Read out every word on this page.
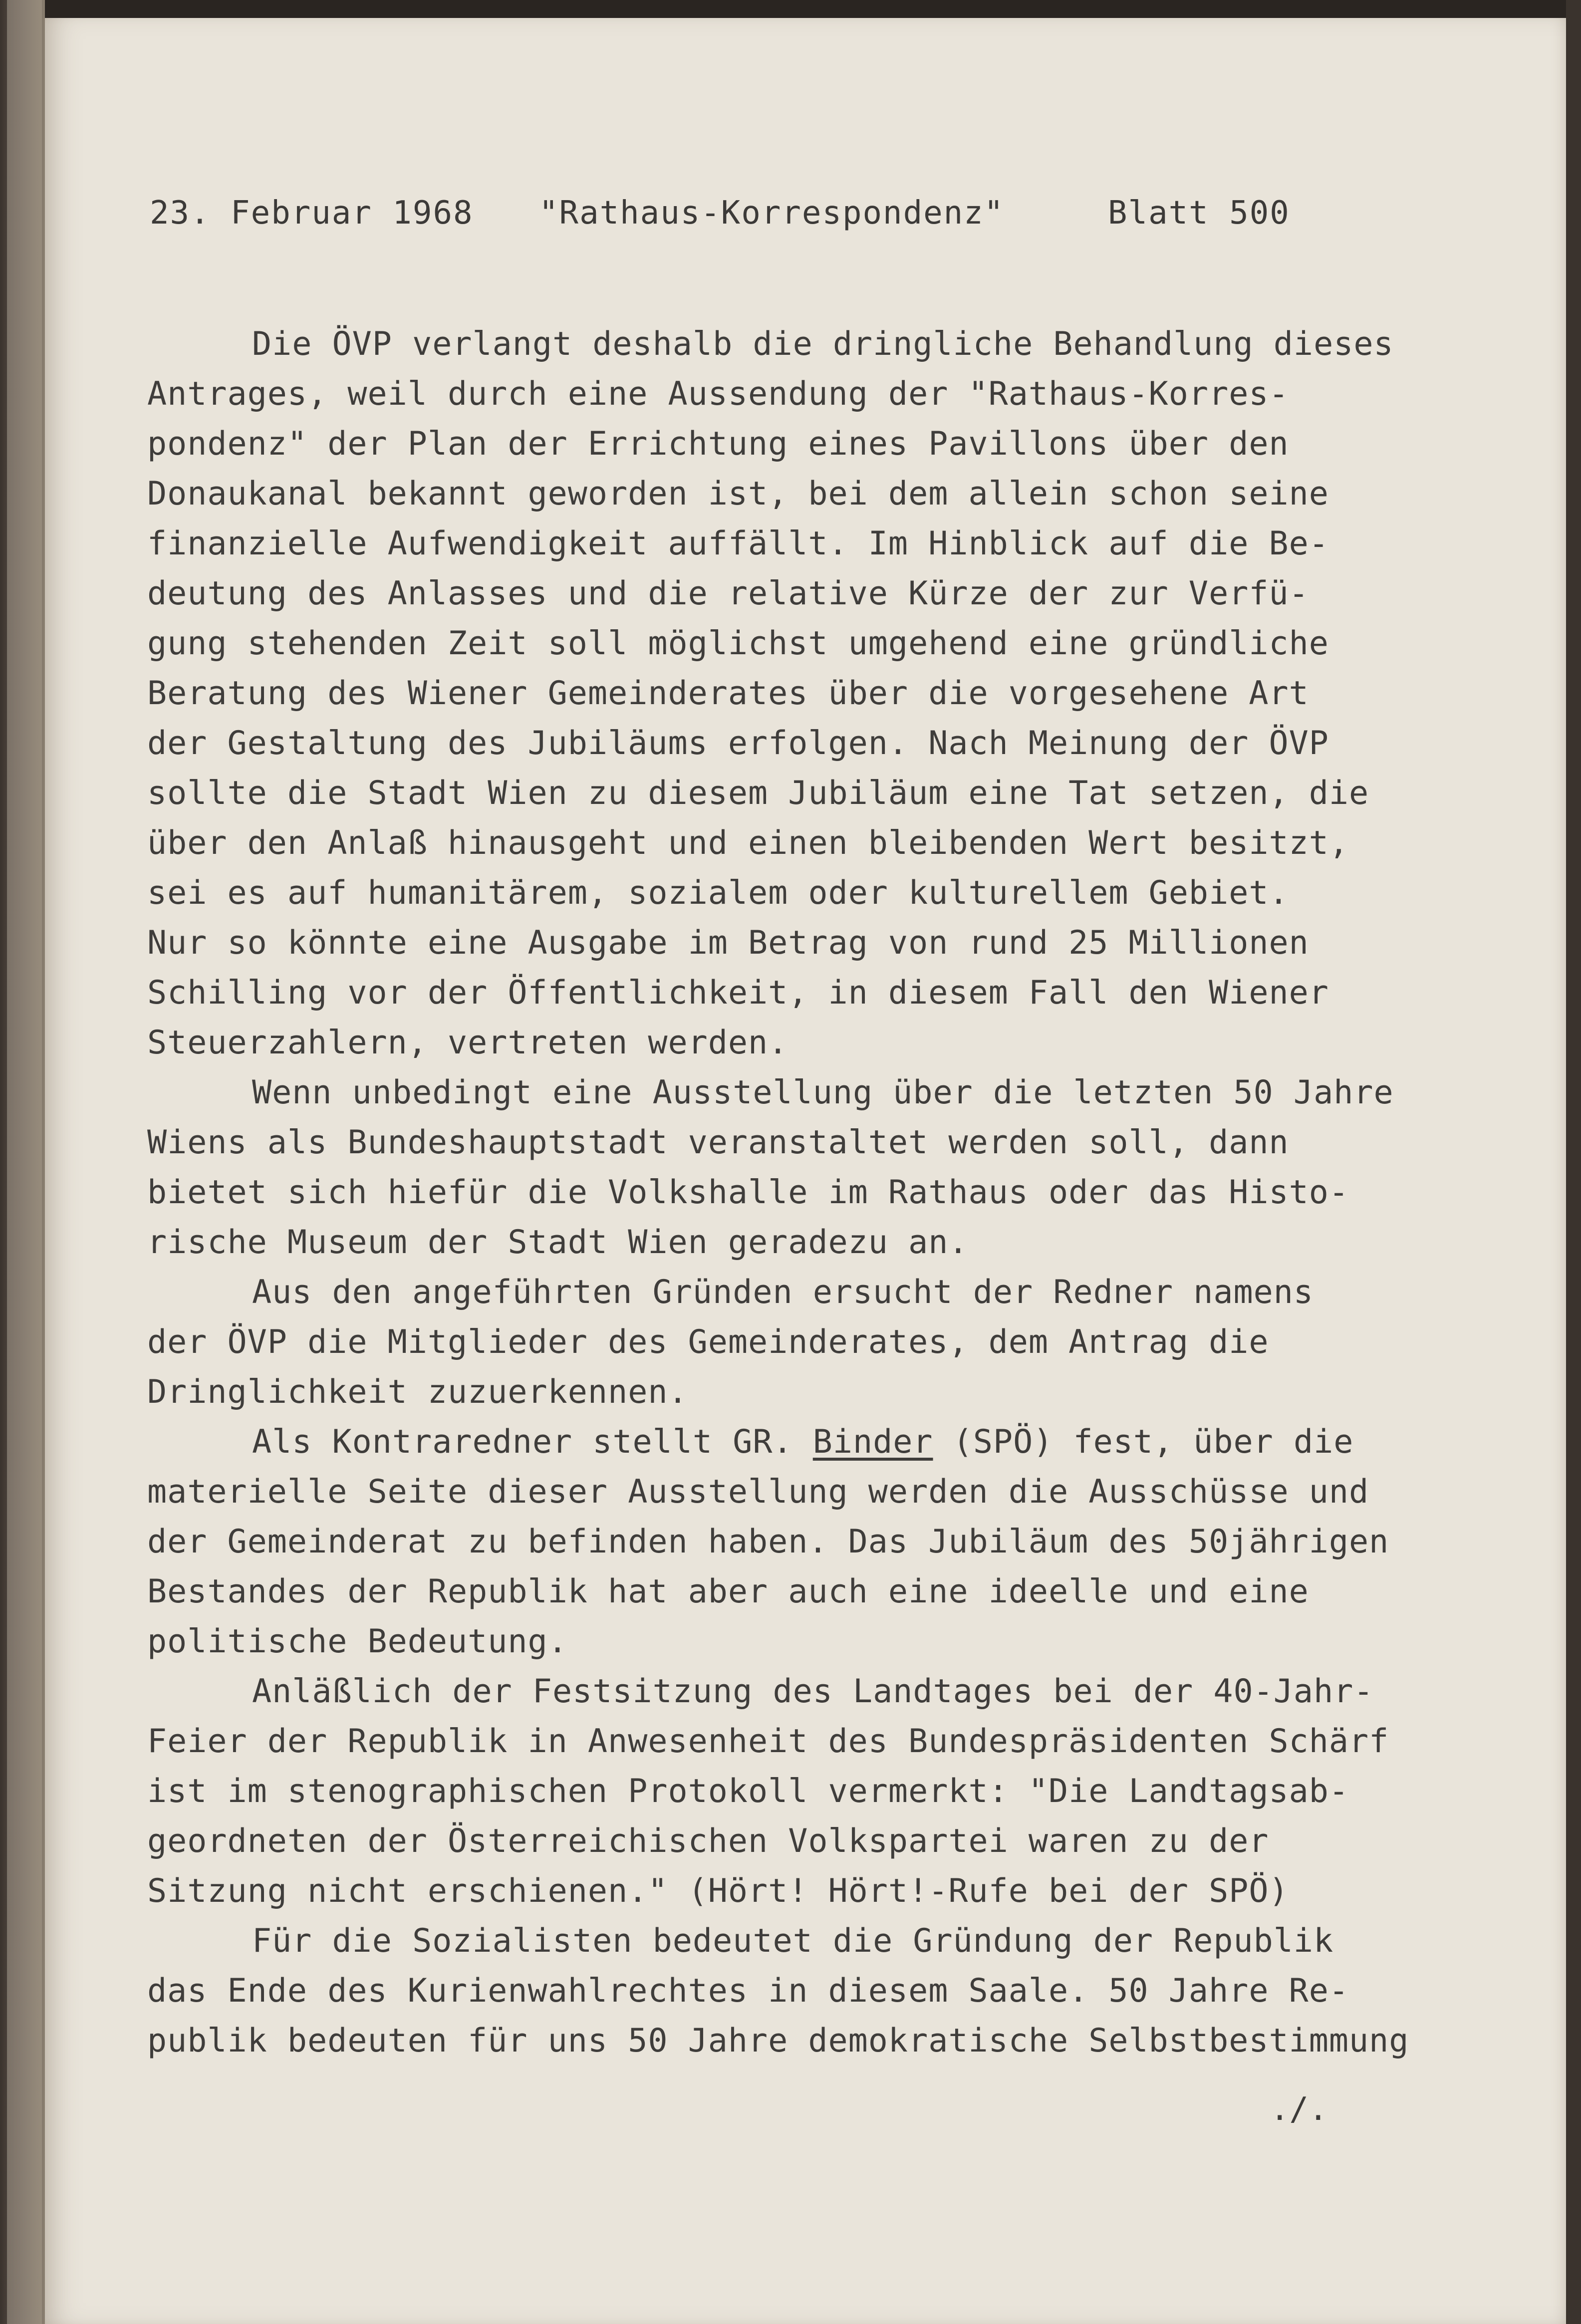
23. Februar 1968 "Rathaus-Korrespondenz"	Blatt 500
Die ÖVP verlangt deshalb die dringliche Behandlung dieses
Antrages, weil durch eine Aussendung der "Rathaus-Korres-
pondenz" der Plan der Errichtung eines Pavillons über den
Donaukanal bekannt geworden ist, bei dem allein schon seine
finanzielle Aufwendigkeit auffällt. Im Hinblick auf die Be-
deutung des Anlasses und die relative Kürze der zur Verfü-
gung stehenden Zeit soll möglichst umgehend eine gründliche
Beratung des Wiener Gemeinderates über die vorgesehene Art
der Gestaltung des Jubiläums erfolgen. Nach Meinung der ÖVP
sollte die Stadt Wien zu diesem Jubiläum eine Tat setzen, die
über den Anlaß hinausgeht und einen bleibenden Wert besitzt,
sei es auf humanitärem, sozialem oder kulturellem Gebiet.
Nur so könnte eine Ausgabe im Betrag von rund 25 Millionen
Schilling vor der Öffentlichkeit, in diesem Fall den Wiener
Steuerzahlern, vertreten werden.
Wenn unbedingt eine Ausstellung über die letzten 50 Jahre
Wiens als Bundeshauptstadt veranstaltet werden soll, dann
bietet sich hiefür die Volkshalle im Rathaus oder das Histo-
rische Museum der Stadt Wien geradezu an.
Aus den angeführten Gründen ersucht der Redner namens
der ÖVP die Mitglieder des Gemeinderates, dem Antrag die
Dringlichkeit zuzuerkennen.
Als Kontraredner stellt GR. Binder (SPÖ) fest, über die
materielle Seite dieser Ausstellung werden die Ausschüsse und
der Gemeinderat zu befinden haben. Das Jubiläum des 50jährigen
Bestandes der Republik hat aber auch eine ideelle und eine
politische Bedeutung.
Anläßlich der Festsitzung des Landtages bei der 40-Jahr-
Feier der Republik in Anwesenheit des Bundespräsidenten Schärf
ist im stenographischen Protokoll vermerkt: "Die Landtagsab-
geordneten der Österreichischen Volkspartei waren zu der
Sitzung nicht erschienen." (Hört! Hört!-Rufe bei der SPÖ)
Für die Sozialisten bedeutet die Gründung der Republik
das Ende des Kurienwahlrechtes in diesem Saale. 50 Jahre Re-
publik bedeuten für uns 50 Jahre demokratische Selbstbestimmung
./.
